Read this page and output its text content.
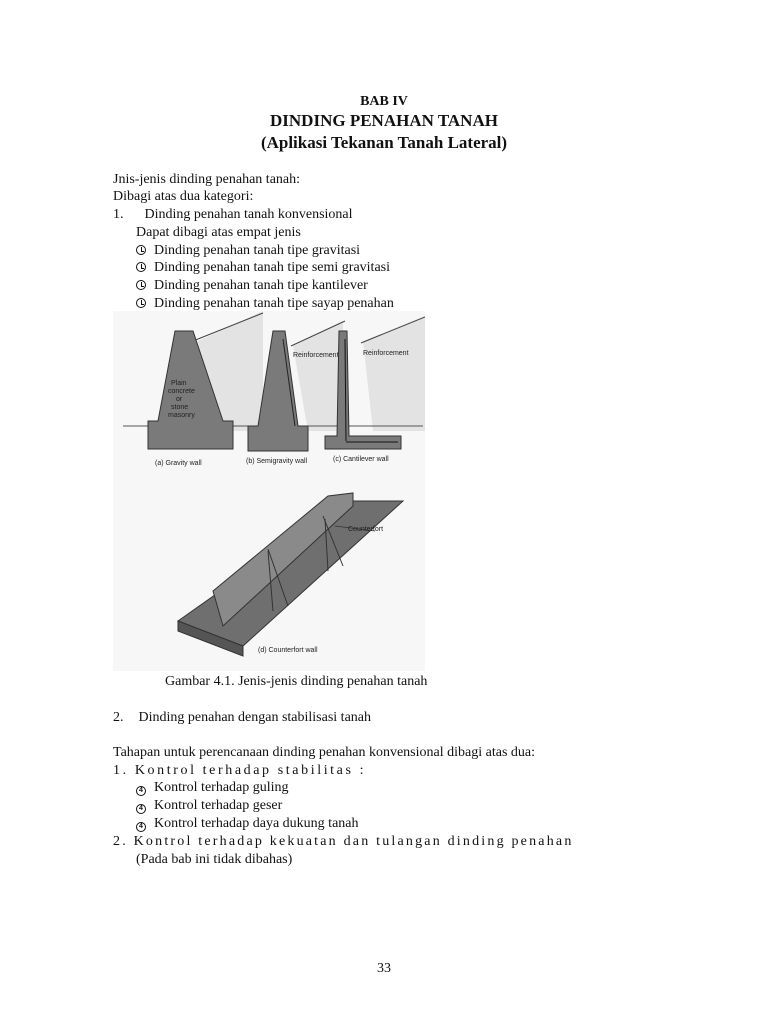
BAB IV
DINDING PENAHAN TANAH
(Aplikasi Tekanan Tanah Lateral)
Jnis-jenis dinding penahan tanah:
Dibagi atas dua kategori:
1. Dinding penahan tanah konvensional
Dapat dibagi atas empat jenis
Dinding penahan tanah tipe gravitasi
Dinding penahan tanah tipe semi gravitasi
Dinding penahan tanah tipe kantilever
Dinding penahan tanah tipe sayap penahan
Plain
concrete
or
stone
masonry
Reinforcement	Reinforcement
(a) Gravity wall	(b) Semigravity wall	(c) Cantilever wall
Counterfort
(d) Counterfort wall
Gambar 4.1. Jenis-jenis dinding penahan tanah
2. Dinding penahan dengan stabilisasi tanah
Tahapan untuk perencanaan dinding penahan konvensional dibagi atas dua:
1. Kontrol terhadap stabilitas :
4 Kontrol terhadap guling
4 Kontrol terhadap geser
4 Kontrol terhadap daya dukung tanah
2. Kontrol terhadap kekuatan dan tulangan dinding penahan
(Pada bab ini tidak dibahas)
33
